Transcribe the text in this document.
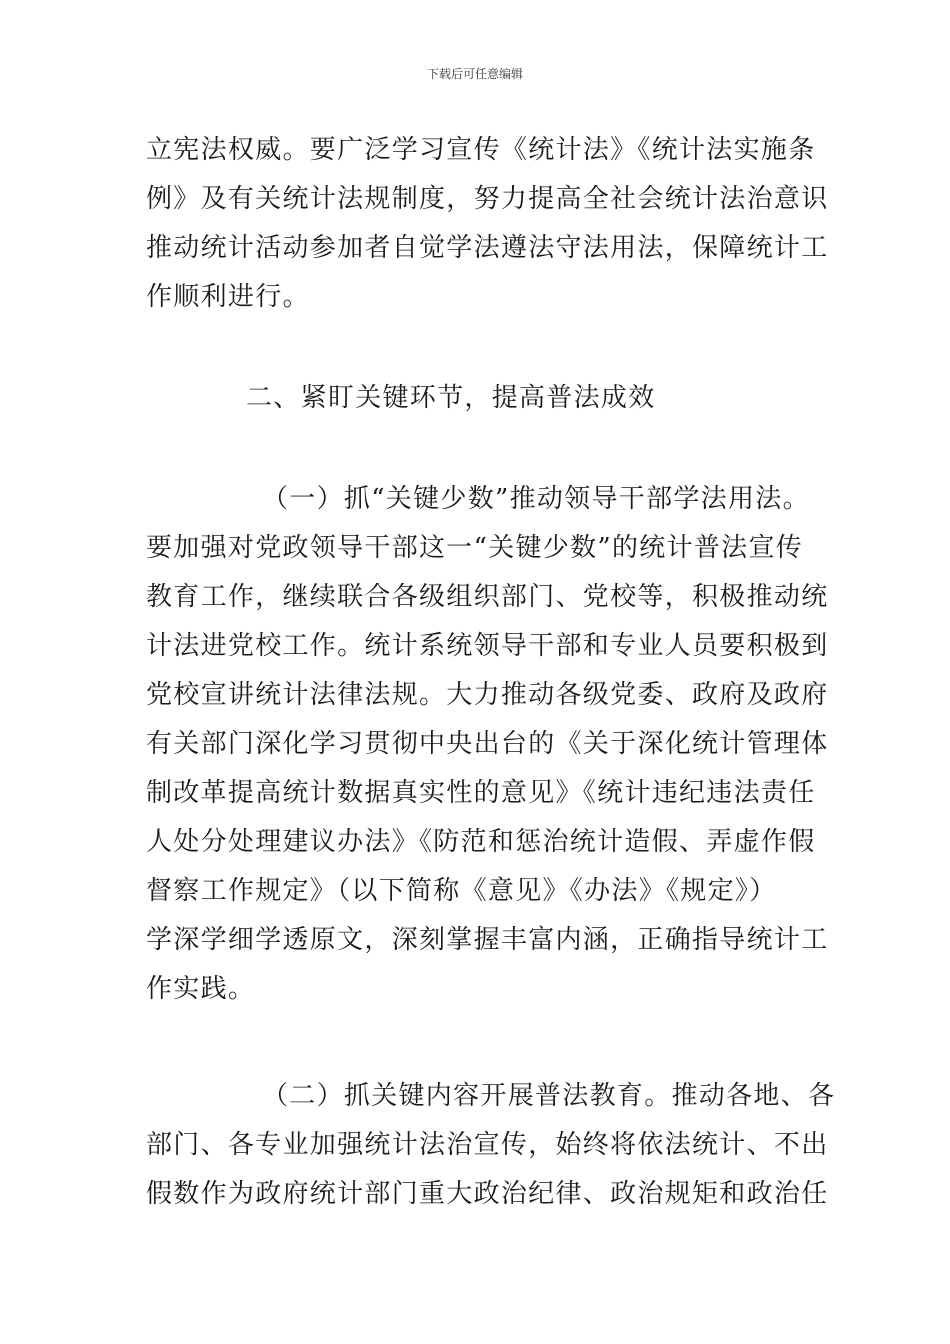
下载后可任意编辑
立宪法权威。要广泛学习宣传《统计法》《统计法实施条
例》及有关统计法规制度，努力提高全社会统计法治意识
推动统计活动参加者自觉学法遵法守法用法，保障统计工
作顺利进行。
二、紧盯关键环节，提高普法成效
（一）抓“关键少数”推动领导干部学法用法。
要加强对党政领导干部这一“关键少数”的统计普法宣传
教育工作，继续联合各级组织部门、党校等，积极推动统
计法进党校工作。统计系统领导干部和专业人员要积极到
党校宣讲统计法律法规。大力推动各级党委、政府及政府
有关部门深化学习贯彻中央出台的《关于深化统计管理体
制改革提高统计数据真实性的意见》《统计违纪违法责任
人处分处理建议办法》《防范和惩治统计造假、弄虚作假
督察工作规定》（以下简称《意见》《办法》《规定》）
学深学细学透原文，深刻掌握丰富内涵，正确指导统计工
作实践。
（二）抓关键内容开展普法教育。推动各地、各
部门、各专业加强统计法治宣传，始终将依法统计、不出
假数作为政府统计部门重大政治纪律、政治规矩和政治任
